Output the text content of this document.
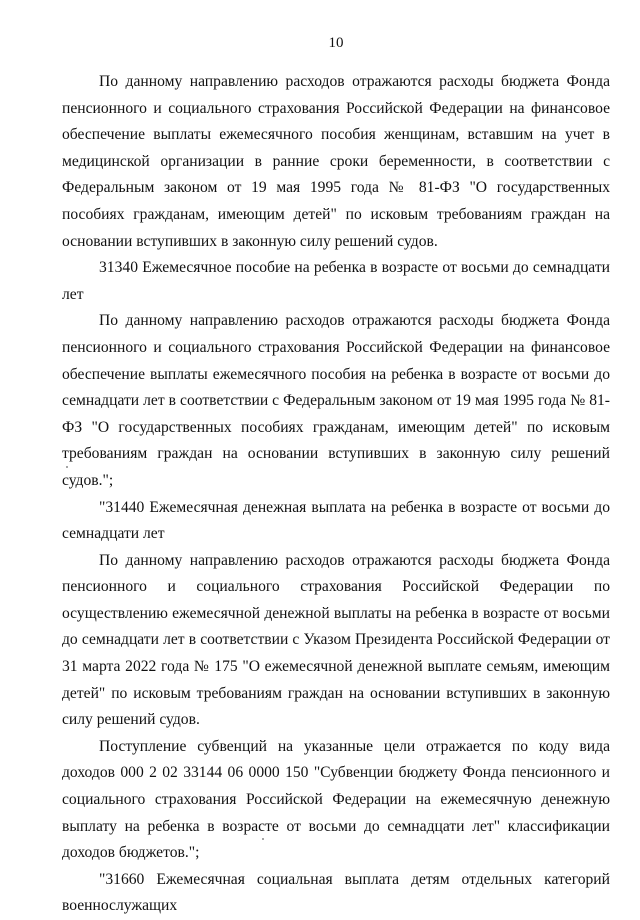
10

По данному направлению расходов отражаются расходы бюджета Фонда пенсионного и социального страхования Российской Федерации на финансовое обеспечение выплаты ежемесячного пособия женщинам, вставшим на учет в медицинской организации в ранние сроки беременности, в соответствии с Федеральным законом от 19 мая 1995 года № 81-ФЗ "О государственных пособиях гражданам, имеющим детей" по исковым требованиям граждан на основании вступивших в законную силу решений судов.

31340 Ежемесячное пособие на ребенка в возрасте от восьми до семнадцати лет

По данному направлению расходов отражаются расходы бюджета Фонда пенсионного и социального страхования Российской Федерации на финансовое обеспечение выплаты ежемесячного пособия на ребенка в возрасте от восьми до семнадцати лет в соответствии с Федеральным законом от 19 мая 1995 года № 81-ФЗ "О государственных пособиях гражданам, имеющим детей" по исковым требованиям граждан на основании вступивших в законную силу решений судов.";

"31440 Ежемесячная денежная выплата на ребенка в возрасте от восьми до семнадцати лет

По данному направлению расходов отражаются расходы бюджета Фонда пенсионного и социального страхования Российской Федерации по осуществлению ежемесячной денежной выплаты на ребенка в возрасте от восьми до семнадцати лет в соответствии с Указом Президента Российской Федерации от 31 марта 2022 года № 175 "О ежемесячной денежной выплате семьям, имеющим детей" по исковым требованиям граждан на основании вступивших в законную силу решений судов.

Поступление субвенций на указанные цели отражается по коду вида доходов 000 2 02 33144 06 0000 150 "Субвенции бюджету Фонда пенсионного и социального страхования Российской Федерации на ежемесячную денежную выплату на ребенка в возрасте от восьми до семнадцати лет" классификации доходов бюджетов.";

"31660 Ежемесячная социальная выплата детям отдельных категорий военнослужащих
